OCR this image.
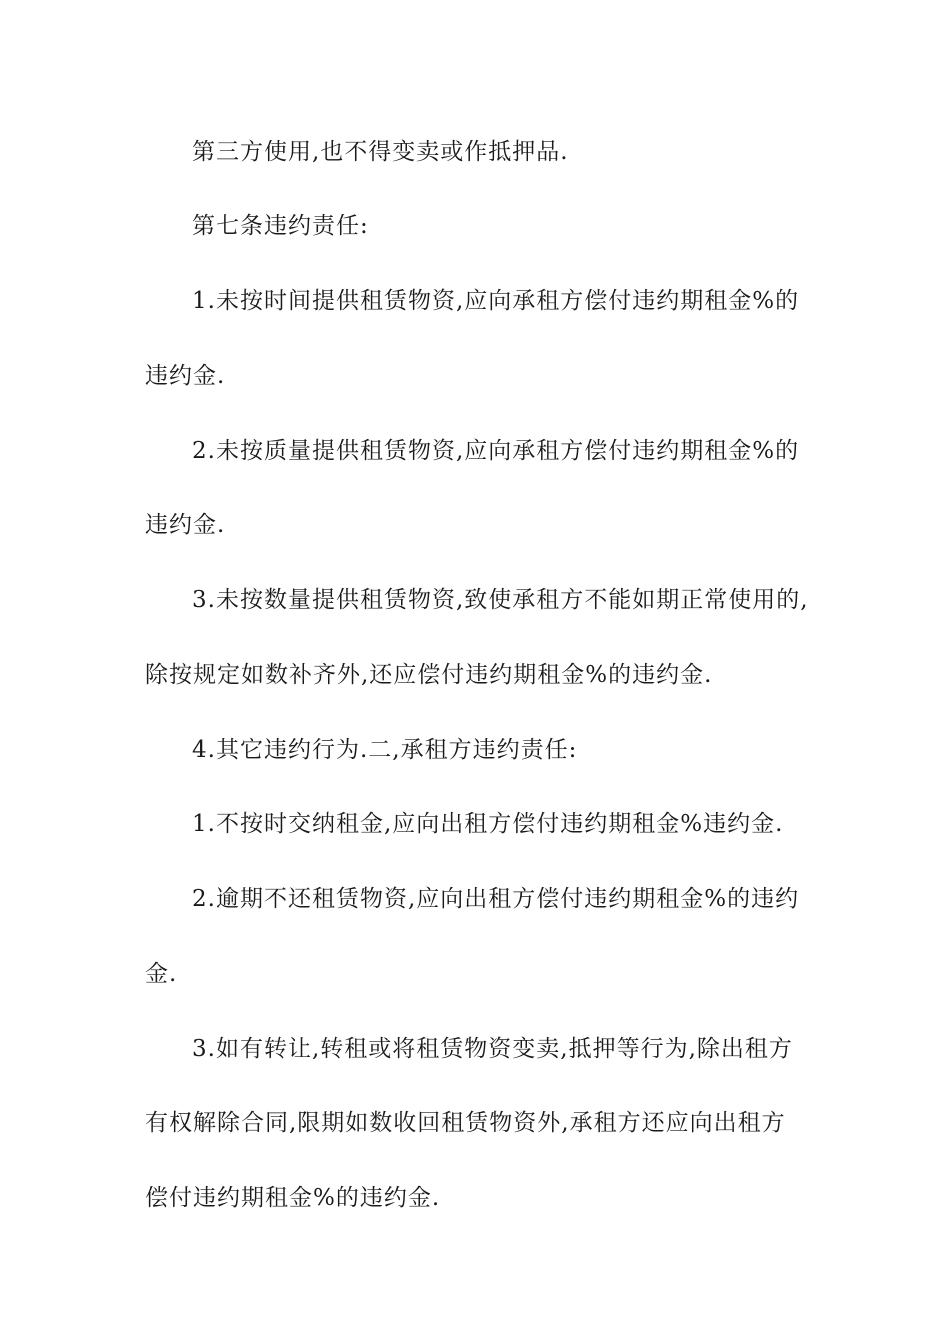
第三方使用,也不得变卖或作抵押品.
第七条违约责任:
1.未按时间提供租赁物资,应向承租方偿付违约期租金%的
违约金.
2.未按质量提供租赁物资,应向承租方偿付违约期租金%的
违约金.
3.未按数量提供租赁物资,致使承租方不能如期正常使用的,
除按规定如数补齐外,还应偿付违约期租金%的违约金.
4.其它违约行为.二,承租方违约责任:
1.不按时交纳租金,应向出租方偿付违约期租金%违约金.
2.逾期不还租赁物资,应向出租方偿付违约期租金%的违约
金.
3.如有转让,转租或将租赁物资变卖,抵押等行为,除出租方
有权解除合同,限期如数收回租赁物资外,承租方还应向出租方
偿付违约期租金%的违约金.
